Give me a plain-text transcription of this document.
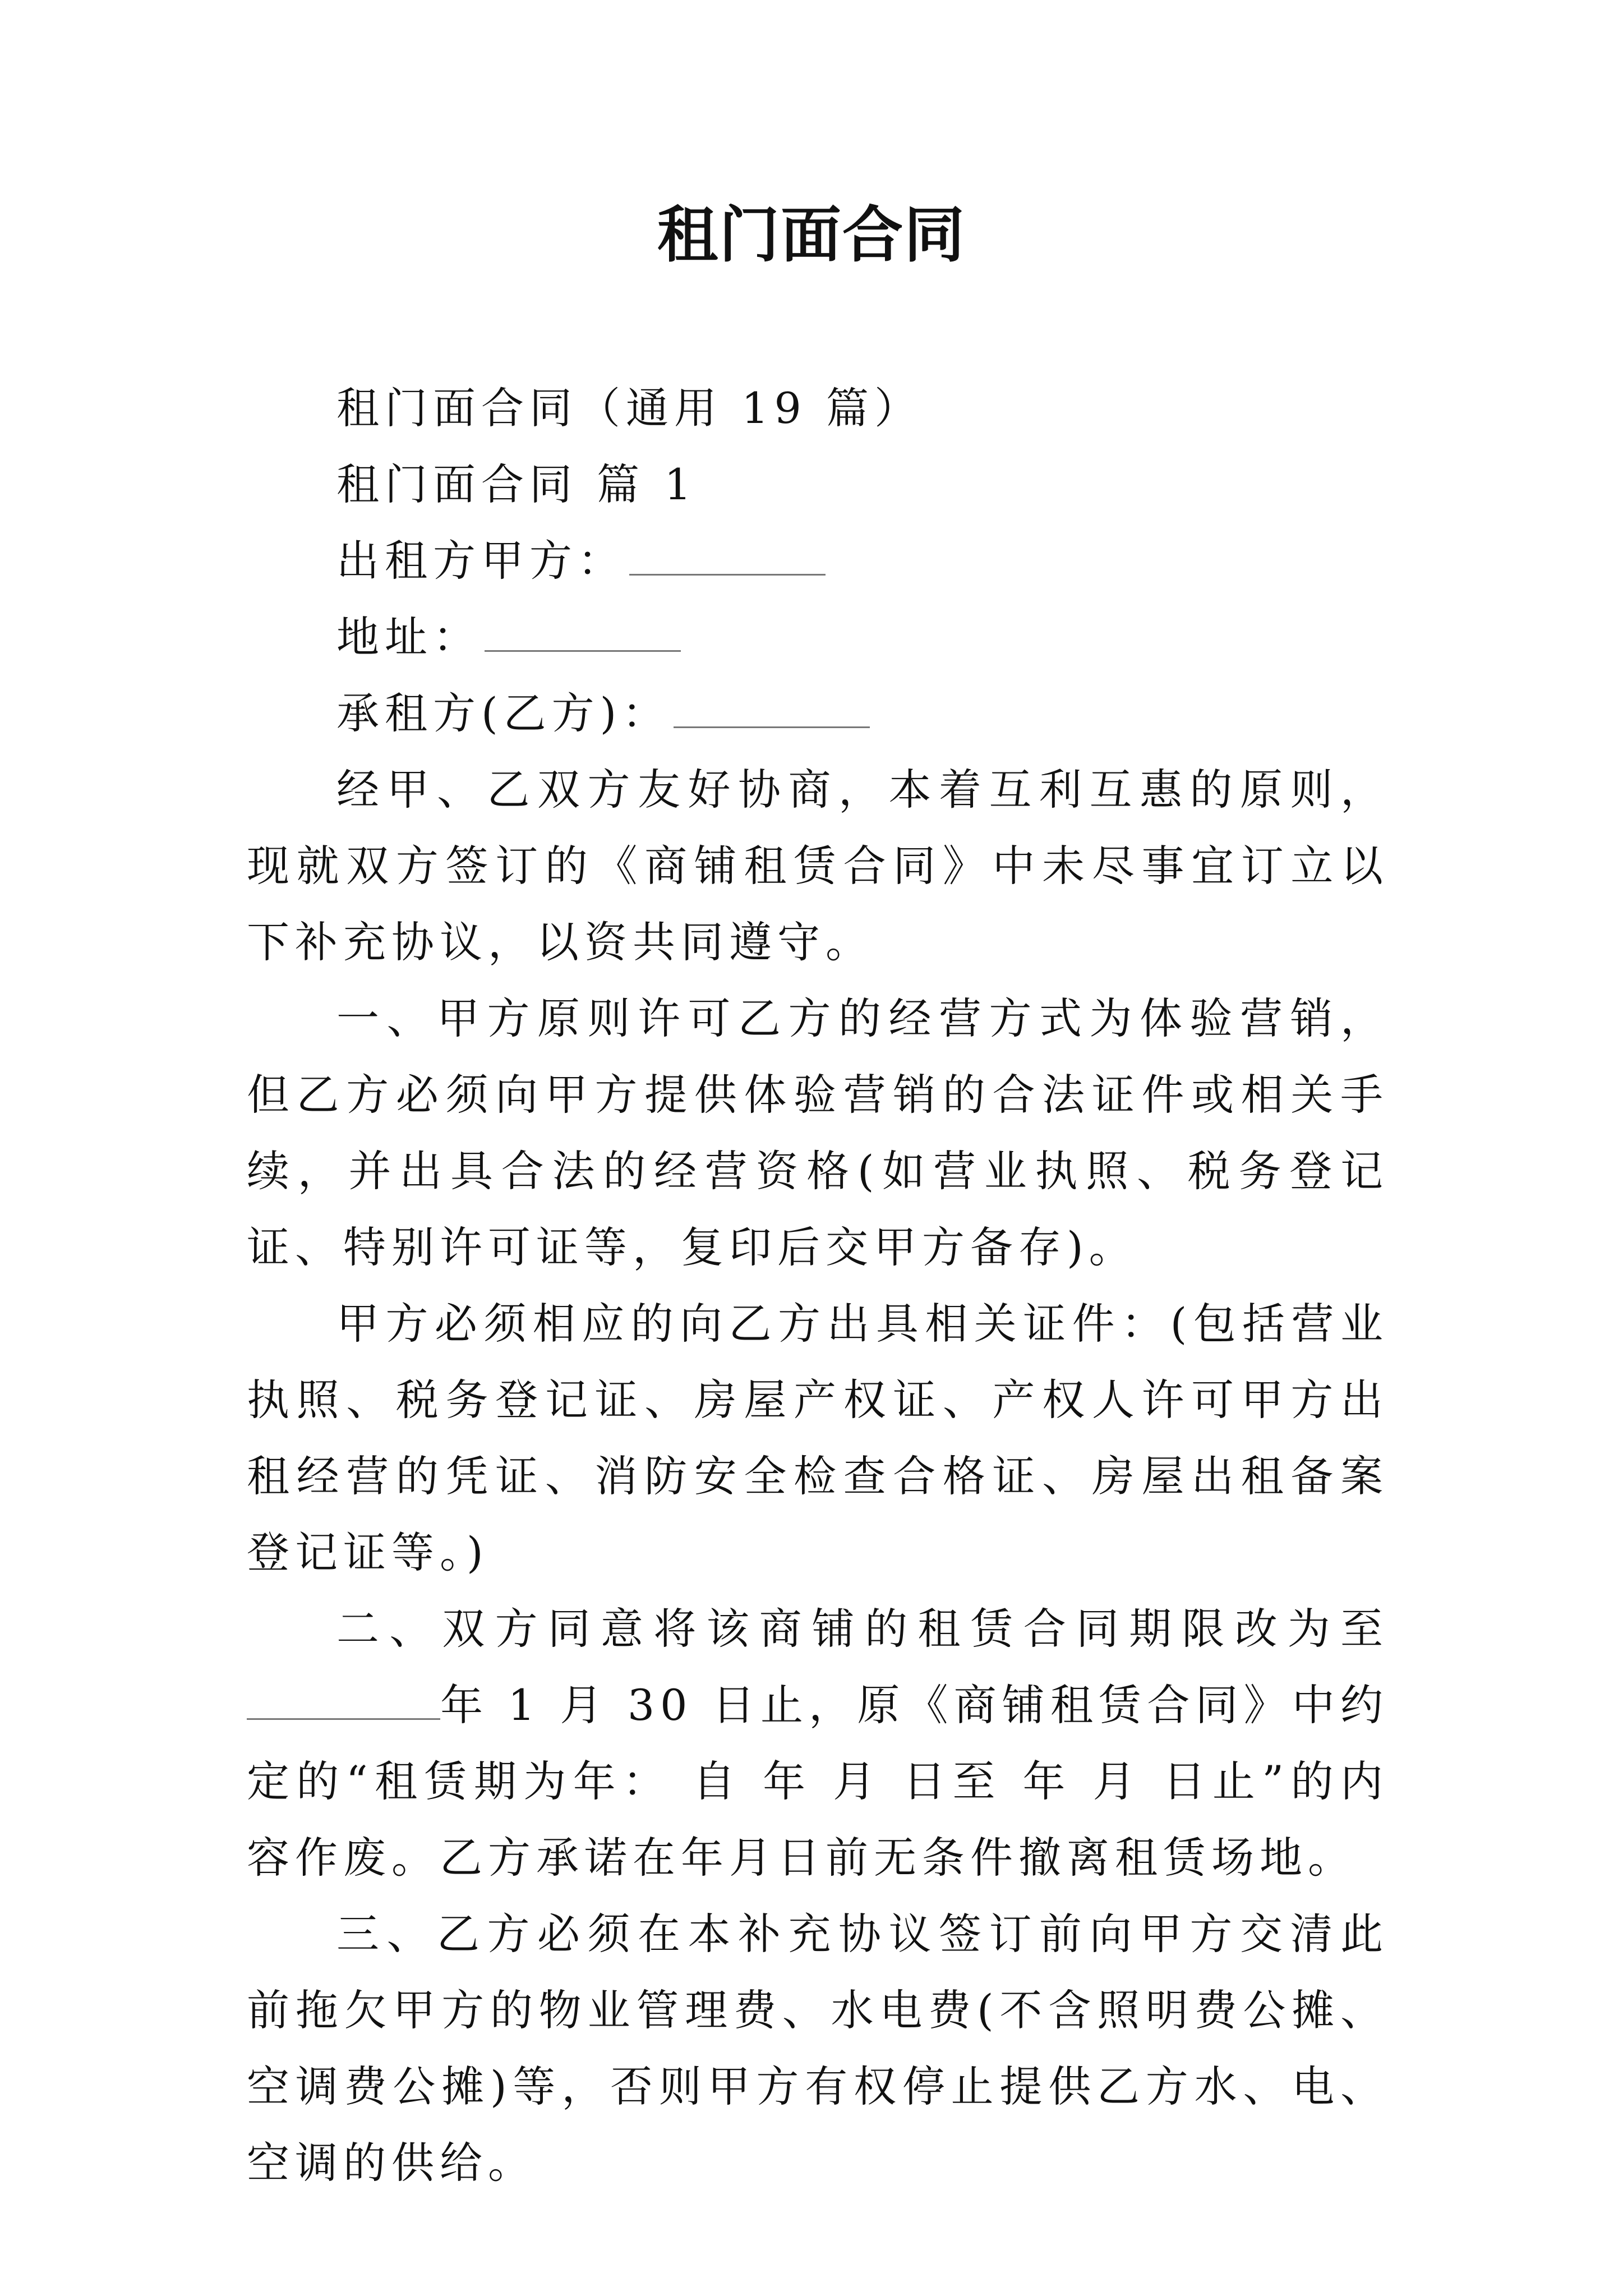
租门面合同

租门面合同（通用 19 篇）

租门面合同 篇 1

出租方甲方：

地址：

承租方(乙方)：

经甲、乙双方友好协商，本着互利互惠的原则，现就双方签订的《商铺租赁合同》中未尽事宜订立以下补充协议，以资共同遵守。

一、甲方原则许可乙方的经营方式为体验营销，但乙方必须向甲方提供体验营销的合法证件或相关手续，并出具合法的经营资格(如营业执照、税务登记证、特别许可证等，复印后交甲方备存)。

甲方必须相应的向乙方出具相关证件：(包括营业执照、税务登记证、房屋产权证、产权人许可甲方出租经营的凭证、消防安全检查合格证、房屋出租备案登记证等。)

二、双方同意将该商铺的租赁合同期限改为至年 1 月 30 日止，原《商铺租赁合同》中约定的“租赁期为年： 自 年 月 日至 年 月 日止”的内容作废。乙方承诺在年月日前无条件撤离租赁场地。

三、乙方必须在本补充协议签订前向甲方交清此前拖欠甲方的物业管理费、水电费(不含照明费公摊、空调费公摊)等，否则甲方有权停止提供乙方水、电、空调的供给。
